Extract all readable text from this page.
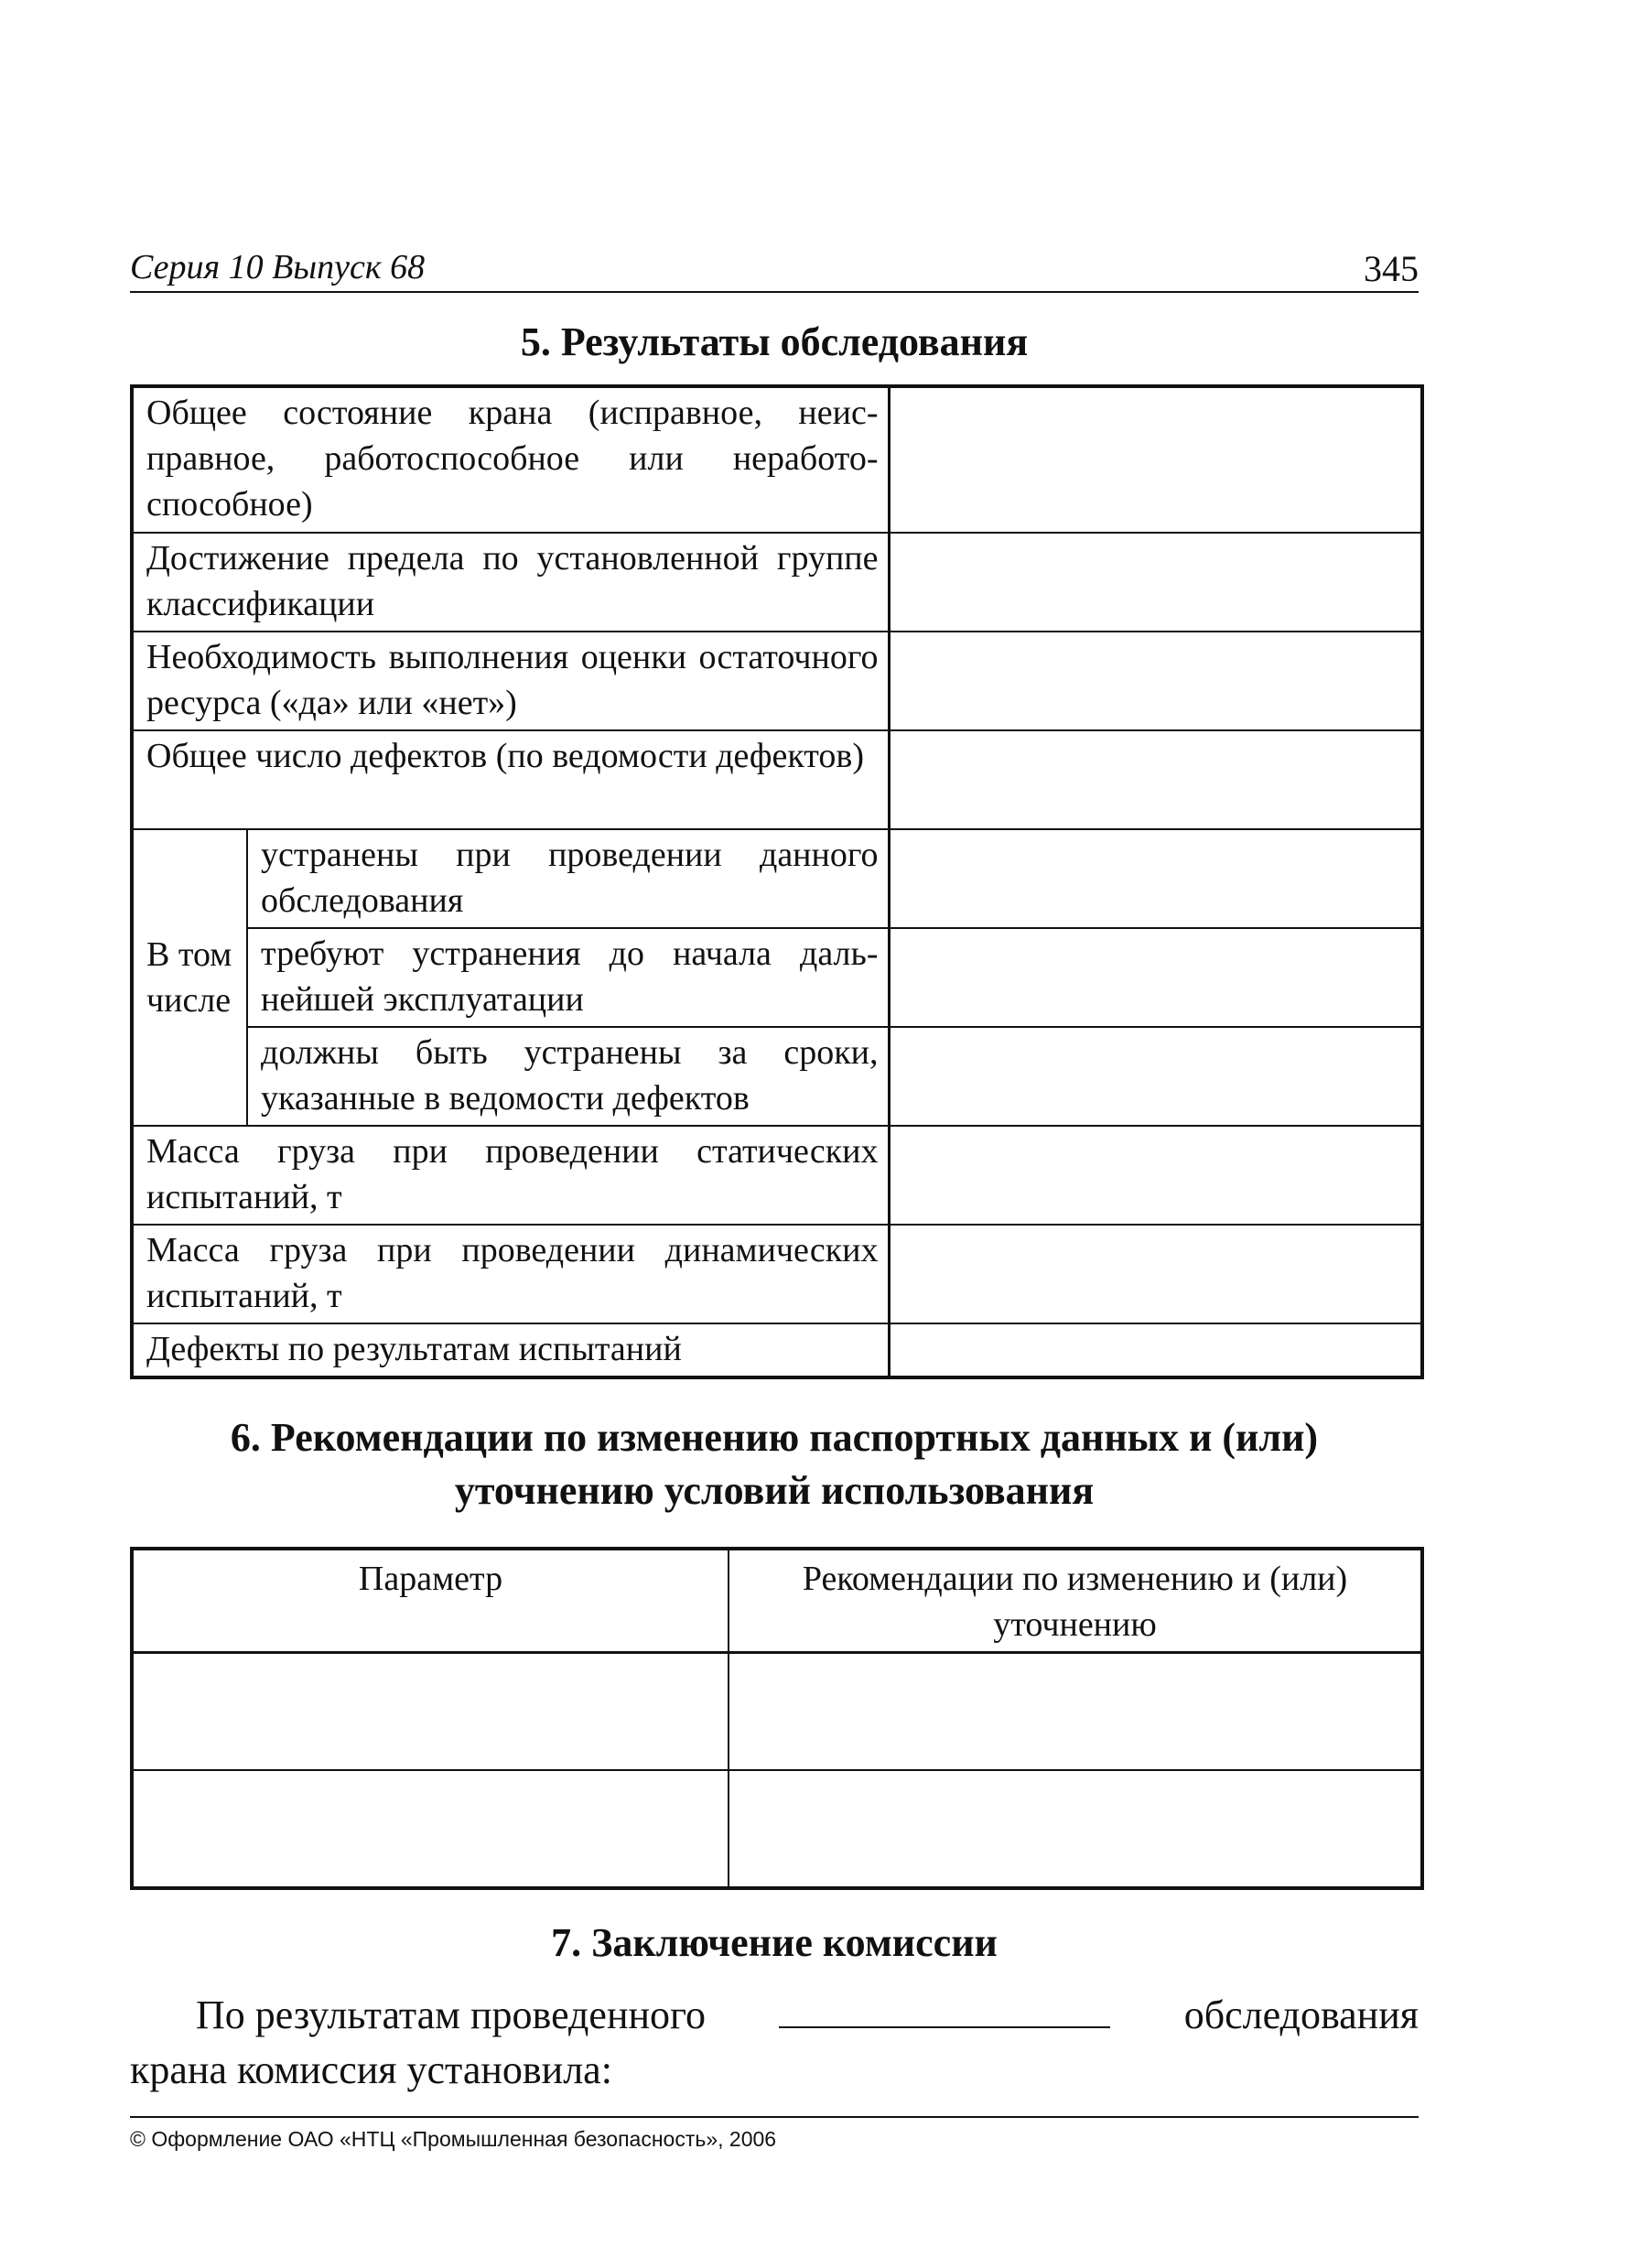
Серия 10 Выпуск 68	345
5. Результаты обследования
Общее состояние крана (исправное, неисправное, работоспособное или неработоспособное)		
Достижение предела по установленной группе классификации		
Необходимость выполнения оценки остаточного ресурса («да» или «нет»)		
Общее число дефектов (по ведомости дефектов)		
В том числе	устранены при проведении данного обследования	
	требуют устранения до начала дальнейшей эксплуатации	
	должны быть устранены за сроки, указанные в ведомости дефектов	
Масса груза при проведении статических испытаний, т		
Масса груза при проведении динамических испытаний, т		
Дефекты по результатам испытаний		
6. Рекомендации по изменению паспортных данных и (или)
уточнению условий использования
Параметр	Рекомендации по изменению и (или) уточнению

7. Заключение комиссии
По результатам проведенного	обследования
крана комиссия установила:
© Оформление ОАО «НТЦ «Промышленная безопасность», 2006
